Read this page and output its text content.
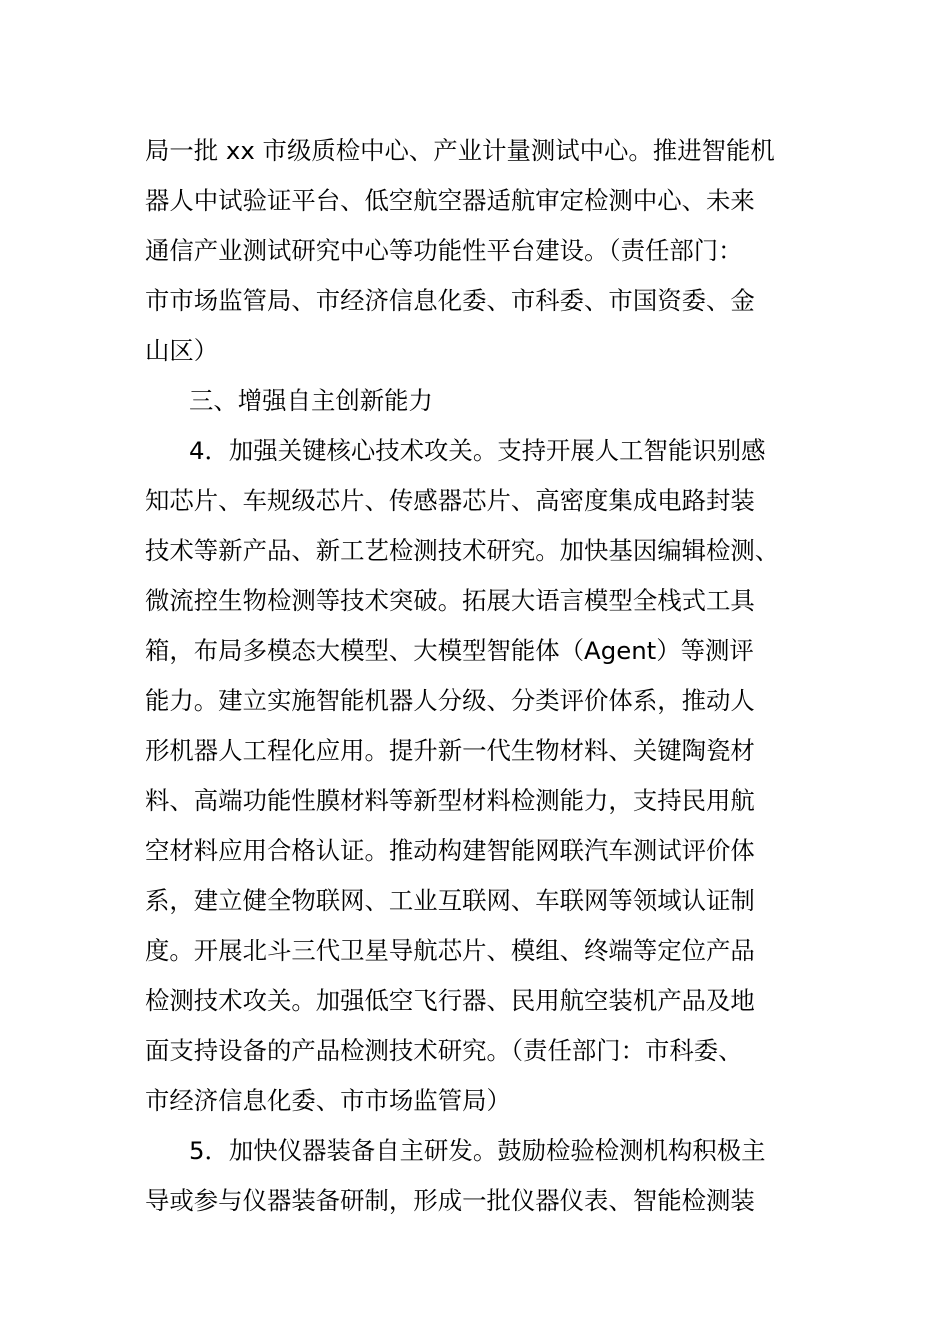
局一批 xx 市级质检中心、产业计量测试中心。推进智能机
器人中试验证平台、低空航空器适航审定检测中心、未来
通信产业测试研究中心等功能性平台建设。（责任部门：
市市场监管局、市经济信息化委、市科委、市国资委、金
山区）
三、增强自主创新能力
4．加强关键核心技术攻关。支持开展人工智能识别感
知芯片、车规级芯片、传感器芯片、高密度集成电路封装
技术等新产品、新工艺检测技术研究。加快基因编辑检测、
微流控生物检测等技术突破。拓展大语言模型全栈式工具
箱，布局多模态大模型、大模型智能体（Agent）等测评
能力。建立实施智能机器人分级、分类评价体系，推动人
形机器人工程化应用。提升新一代生物材料、关键陶瓷材
料、高端功能性膜材料等新型材料检测能力，支持民用航
空材料应用合格认证。推动构建智能网联汽车测试评价体
系，建立健全物联网、工业互联网、车联网等领域认证制
度。开展北斗三代卫星导航芯片、模组、终端等定位产品
检测技术攻关。加强低空飞行器、民用航空装机产品及地
面支持设备的产品检测技术研究。（责任部门：市科委、
市经济信息化委、市市场监管局）
5．加快仪器装备自主研发。鼓励检验检测机构积极主
导或参与仪器装备研制，形成一批仪器仪表、智能检测装
